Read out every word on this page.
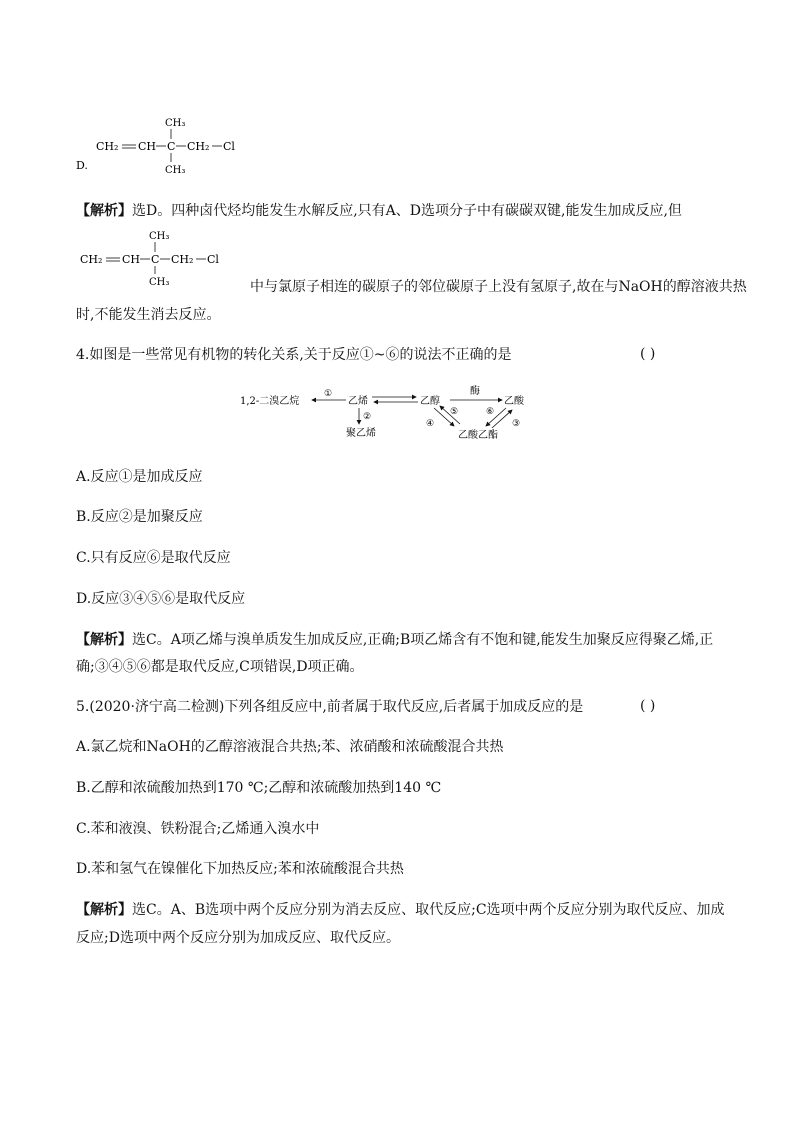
D.
CH₂ CH C
CH₃
CH₃
CH₂ Cl
【解析】选D。四种卤代烃均能发生水解反应,只有A、D选项分子中有碳碳双键,能发生加成反应,但
CH₂ CH C
CH₃
CH₃
CH₂ Cl
中与氯原子相连的碳原子的邻位碳原子上没有氢原子,故在与NaOH的醇溶液共热
时,不能发生消去反应。
4.如图是一些常见有机物的转化关系,关于反应①~⑥的说法不正确的是	( )
1,2-二溴乙烷
①
乙烯
②
聚乙烯
乙醇
酶
乙酸
④
⑤	⑥
③
乙酸乙酯
A.反应①是加成反应
B.反应②是加聚反应
C.只有反应⑥是取代反应
D.反应③④⑤⑥是取代反应
【解析】选C。A项乙烯与溴单质发生加成反应,正确;B项乙烯含有不饱和键,能发生加聚反应得聚乙烯,正
确;③④⑤⑥都是取代反应,C项错误,D项正确。
5.(2020·济宁高二检测)下列各组反应中,前者属于取代反应,后者属于加成反应的是	( )
A.氯乙烷和NaOH的乙醇溶液混合共热;苯、浓硝酸和浓硫酸混合共热
B.乙醇和浓硫酸加热到170 ℃;乙醇和浓硫酸加热到140 ℃
C.苯和液溴、铁粉混合;乙烯通入溴水中
D.苯和氢气在镍催化下加热反应;苯和浓硫酸混合共热
【解析】选C。A、B选项中两个反应分别为消去反应、取代反应;C选项中两个反应分别为取代反应、加成
反应;D选项中两个反应分别为加成反应、取代反应。
